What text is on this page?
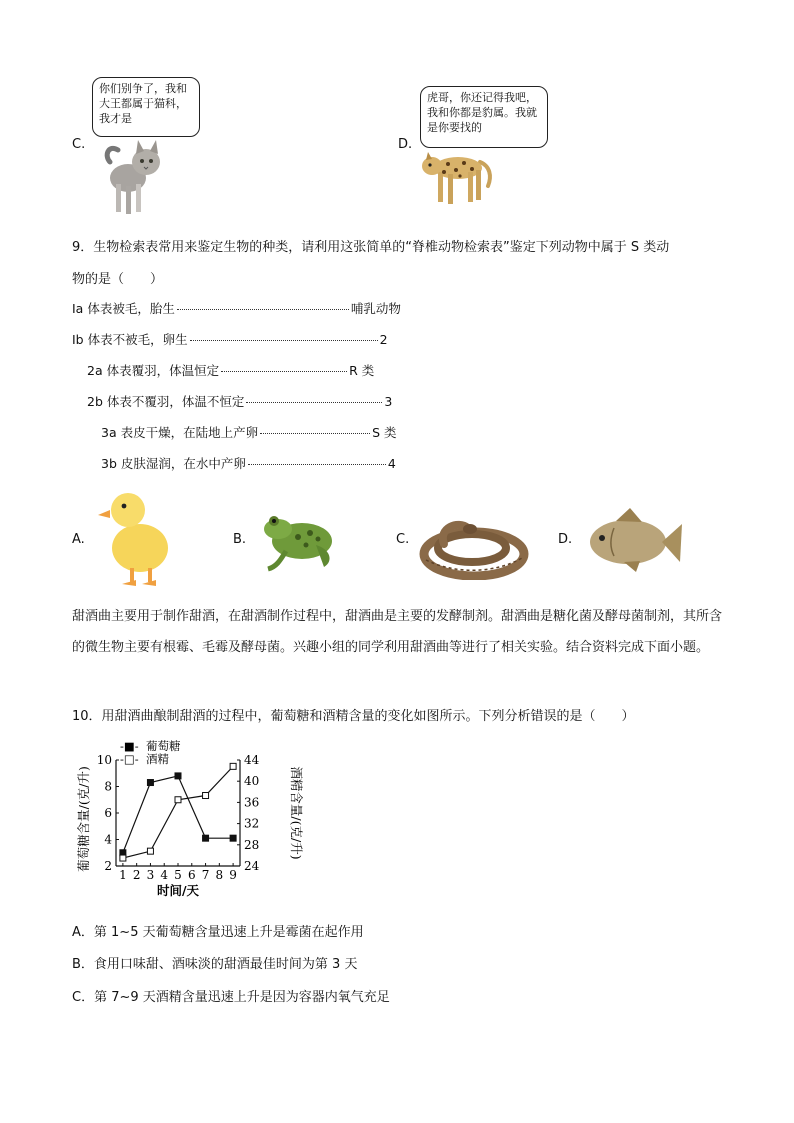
C.
你们别争了，我和大王都属于猫科，我才是
D.
虎哥，你还记得我吧，我和你都是豹属。我就是你要找的
9．生物检索表常用来鉴定生物的种类，请利用这张简单的“脊椎动物检索表”鉴定下列动物中属于 S 类动
物的是（　　）
Ⅰa 体表被毛，胎生	哺乳动物
Ⅰb 体表不被毛，卵生	2
2a 体表覆羽，体温恒定	R 类
2b 体表不覆羽，体温不恒定	3
3a 表皮干燥，在陆地上产卵	S 类
3b 皮肤湿润，在水中产卵	4
A.	B.	C.	D.
甜酒曲主要用于制作甜酒，在甜酒制作过程中，甜酒曲是主要的发酵制剂。甜酒曲是糖化菌及酵母菌制剂，其所含的微生物主要有根霉、毛霉及酵母菌。兴趣小组的同学利用甜酒曲等进行了相关实验。结合资料完成下面小题。
10．用甜酒曲酿制甜酒的过程中，葡萄糖和酒精含量的变化如图所示。下列分析错误的是（　　）
2
4
6
8
10
24
28
32
36
40
44
1 2 3 4 5 6 7 8 9
时间/天
葡萄糖含量/(克/升)	酒精含量/(克/升)
-■- 葡萄糖
-□- 酒精
A．第 1~5 天葡萄糖含量迅速上升是霉菌在起作用
B．食用口味甜、酒味淡的甜酒最佳时间为第 3 天
C．第 7~9 天酒精含量迅速上升是因为容器内氧气充足
